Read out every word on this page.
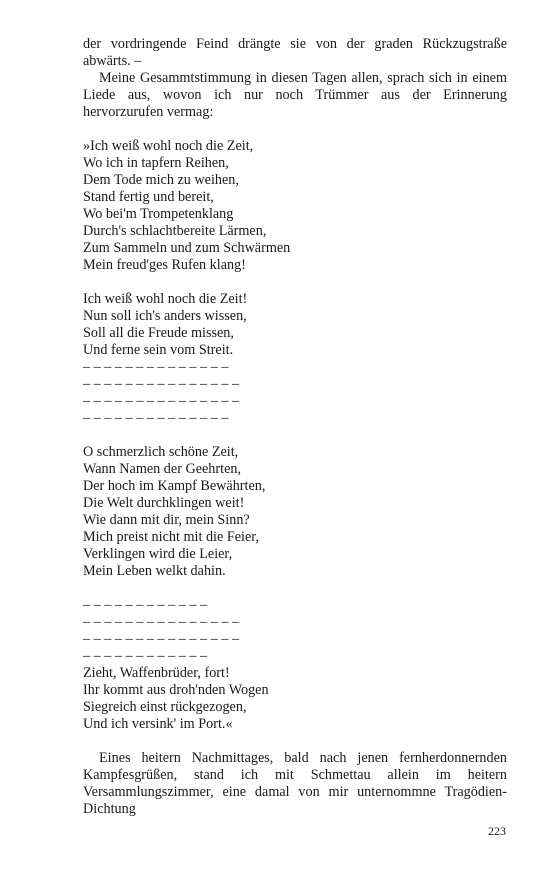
der vordringende Feind drängte sie von der graden Rückzugstraße abwärts. –

Meine Gesammtstimmung in diesen Tagen allen, sprach sich in einem Liede aus, wovon ich nur noch Trümmer aus der Erinnerung hervorzurufen vermag:

»Ich weiß wohl noch die Zeit,
Wo ich in tapfern Reihen,
Dem Tode mich zu weihen,
Stand fertig und bereit,
Wo bei'm Trompetenklang
Durch's schlachtbereite Lärmen,
Zum Sammeln und zum Schwärmen
Mein freud'ges Rufen klang!
Ich weiß wohl noch die Zeit!
Nun soll ich's anders wissen,
Soll all die Freude missen,
Und ferne sein vom Streit.
– – – – – – – – – – – – – –
– – – – – – – – – – – – – – –
– – – – – – – – – – – – – – –
– – – – – – – – – – – – – –
O schmerzlich schöne Zeit,
Wann Namen der Geehrten,
Der hoch im Kampf Bewährten,
Die Welt durchklingen weit!
Wie dann mit dir, mein Sinn?
Mich preist nicht mit die Feier,
Verklingen wird die Leier,
Mein Leben welkt dahin.
– – – – – – – – – – – –
– – – – – – – – – – – – – – –
– – – – – – – – – – – – – – –
– – – – – – – – – – – –
Zieht, Waffenbrüder, fort!
Ihr kommt aus droh'nden Wogen
Siegreich einst rückgezogen,
Und ich versink' im Port.«

Eines heitern Nachmittages, bald nach jenen fernherdonnernden Kampfesgrüßen, stand ich mit Schmettau allein im heitern Versammlungszimmer, eine damal von mir unternommne Tragödien-Dichtung

223
